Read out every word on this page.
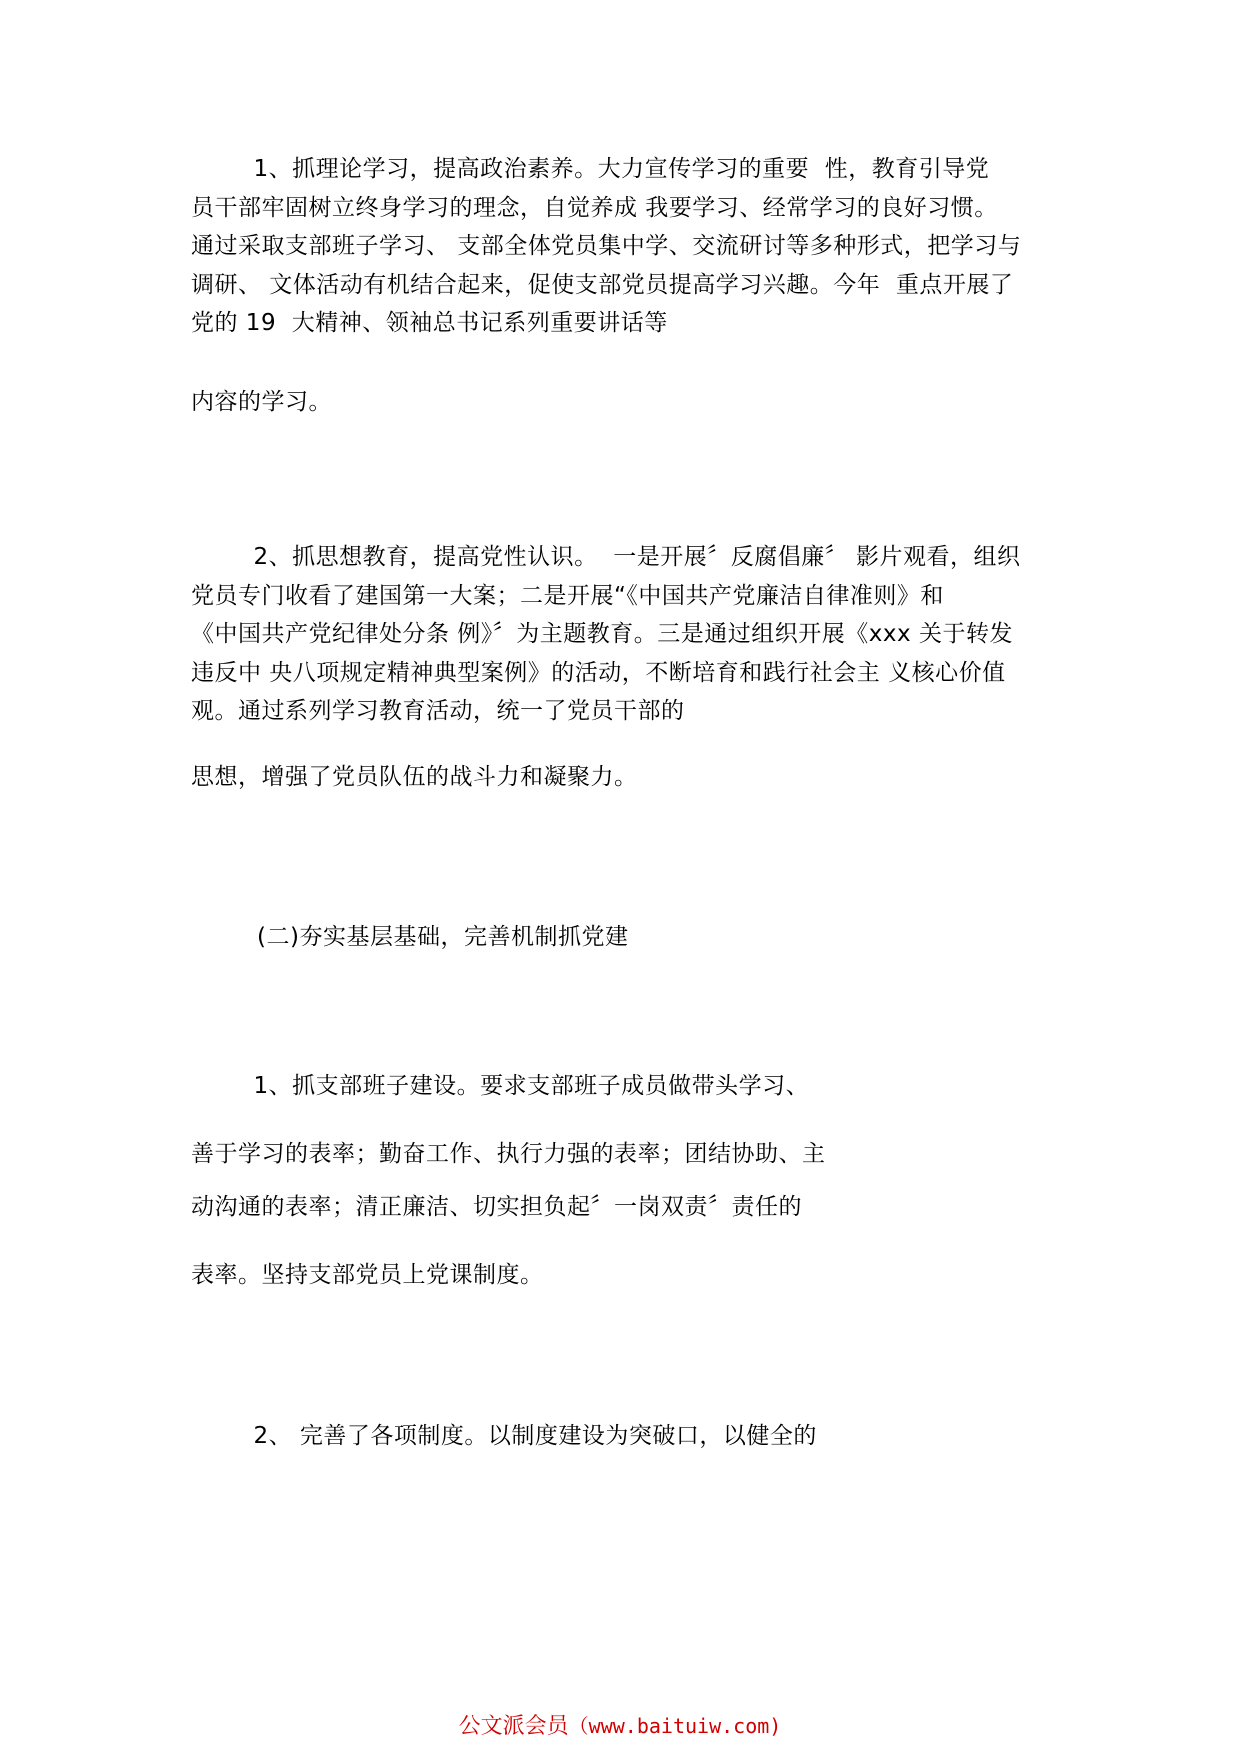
1、抓理论学习，提高政治素养。大力宣传学习的重要  性，教育引导党
员干部牢固树立终身学习的理念，自觉养成 我要学习、经常学习的良好习惯。
通过采取支部班子学习、 支部全体党员集中学、交流研讨等多种形式，把学习与
调研、 文体活动有机结合起来，促使支部党员提高学习兴趣。今年  重点开展了
党的 19  大精神、领袖总书记系列重要讲话等
内容的学习。
2、抓思想教育，提高党性认识。  一是开展〞反腐倡廉〞 影片观看，组织
党员专门收看了建国第一大案；二是开展“《中国共产党廉洁自律准则》和
《中国共产党纪律处分条 例》〞为主题教育。三是通过组织开展《xxx 关于转发
违反中 央八项规定精神典型案例》的活动，不断培育和践行社会主 义核心价值
观。通过系列学习教育活动，统一了党员干部的
思想，增强了党员队伍的战斗力和凝聚力。
(二)夯实基层基础，完善机制抓党建
1、抓支部班子建设。要求支部班子成员做带头学习、
善于学习的表率；勤奋工作、执行力强的表率；团结协助、主
动沟通的表率；清正廉洁、切实担负起〞一岗双责〞责任的
表率。坚持支部党员上党课制度。
2、 完善了各项制度。以制度建设为突破口，以健全的
公文派会员（www.baituiw.com)
